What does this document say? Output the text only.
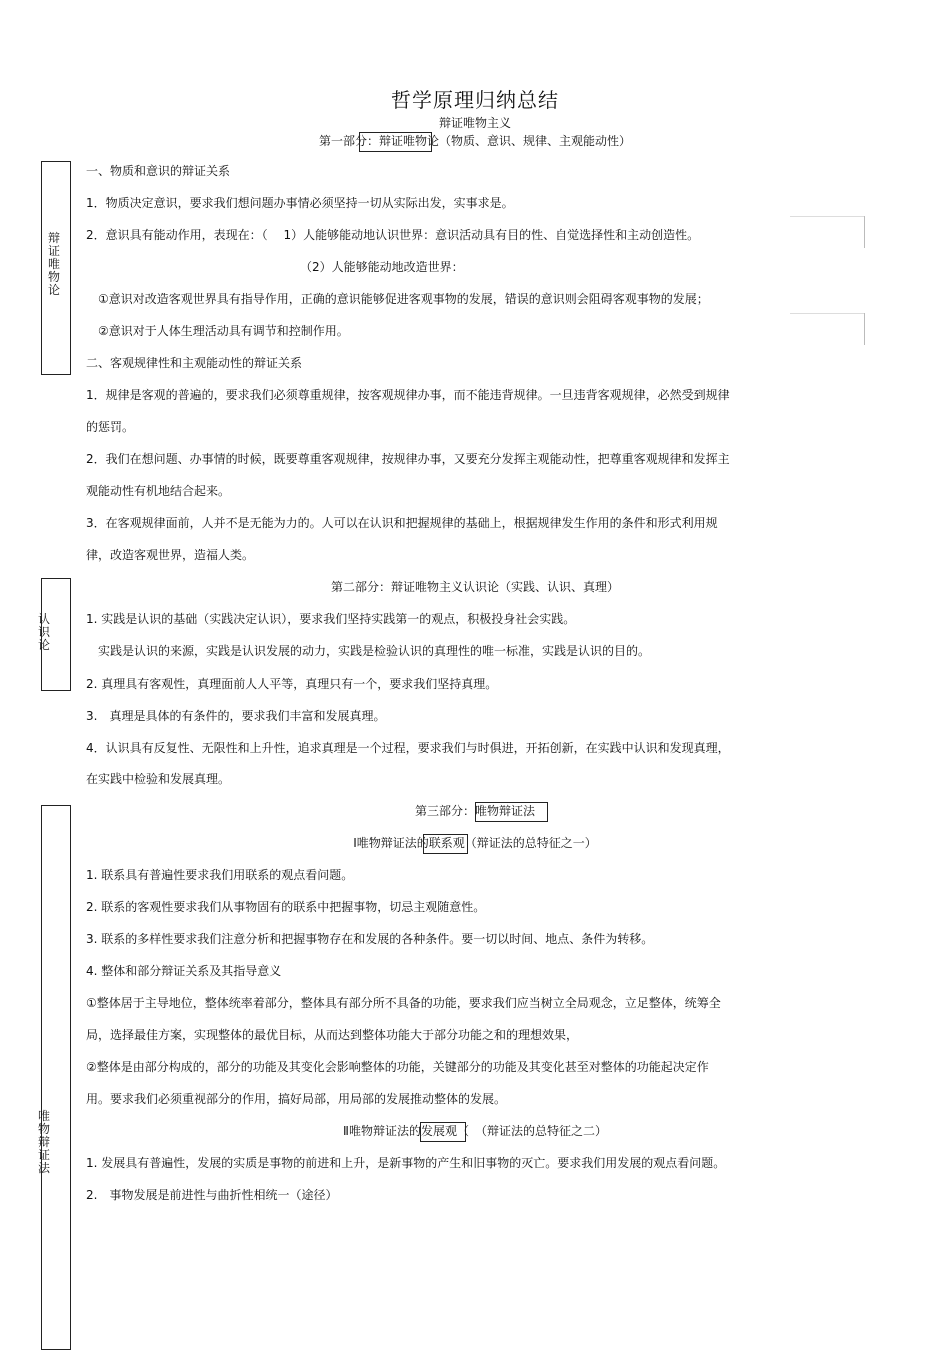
哲学原理归纳总结
辩证唯物主义
第一部分：辩证唯物论（物质、意识、规律、主观能动性）
辩证唯物论
一、物质和意识的辩证关系
1．物质决定意识，要求我们想问题办事情必须坚持一切从实际出发，实事求是。
2．意识具有能动作用，表现在：（　 1）人能够能动地认识世界：意识活动具有目的性、自觉选择性和主动创造性。
（2）人能够能动地改造世界：
①意识对改造客观世界具有指导作用，正确的意识能够促进客观事物的发展，错误的意识则会阻碍客观事物的发展；
②意识对于人体生理活动具有调节和控制作用。
二、客观规律性和主观能动性的辩证关系
1．规律是客观的普遍的，要求我们必须尊重规律，按客观规律办事，而不能违背规律。一旦违背客观规律，必然受到规律
的惩罚。
2．我们在想问题、办事情的时候，既要尊重客观规律，按规律办事，又要充分发挥主观能动性，把尊重客观规律和发挥主
观能动性有机地结合起来。
3．在客观规律面前，人并不是无能为力的。人可以在认识和把握规律的基础上，根据规律发生作用的条件和形式利用规
律，改造客观世界，造福人类。
第二部分：辩证唯物主义认识论（实践、认识、真理）
认识论
1. 实践是认识的基础（实践决定认识），要求我们坚持实践第一的观点，积极投身社会实践。
实践是认识的来源，实践是认识发展的动力，实践是检验认识的真理性的唯一标准，实践是认识的目的。
2. 真理具有客观性，真理面前人人平等，真理只有一个，要求我们坚持真理。
3.　真理是具体的有条件的，要求我们丰富和发展真理。
4．认识具有反复性、无限性和上升性，追求真理是一个过程，要求我们与时俱进，开拓创新，在实践中认识和发现真理，
在实践中检验和发展真理。
第三部分：唯物辩证法
唯物辩证法
Ⅰ唯物辩证法的联系观（辩证法的总特征之一）
1. 联系具有普遍性要求我们用联系的观点看问题。
2. 联系的客观性要求我们从事物固有的联系中把握事物，切忌主观随意性。
3. 联系的多样性要求我们注意分析和把握事物存在和发展的各种条件。要一切以时间、地点、条件为转移。
4. 整体和部分辩证关系及其指导意义
①整体居于主导地位，整体统率着部分，整体具有部分所不具备的功能，要求我们应当树立全局观念，立足整体，统筹全
局，选择最佳方案，实现整体的最优目标，从而达到整体功能大于部分功能之和的理想效果，
②整体是由部分构成的，部分的功能及其变化会影响整体的功能，关键部分的功能及其变化甚至对整体的功能起决定作
用。要求我们必须重视部分的作用，搞好局部，用局部的发展推动整体的发展。
Ⅱ唯物辩证法的发展观（　（辩证法的总特征之二）
1. 发展具有普遍性，发展的实质是事物的前进和上升，是新事物的产生和旧事物的灭亡。要求我们用发展的观点看问题。
2.　事物发展是前进性与曲折性相统一（途径）
